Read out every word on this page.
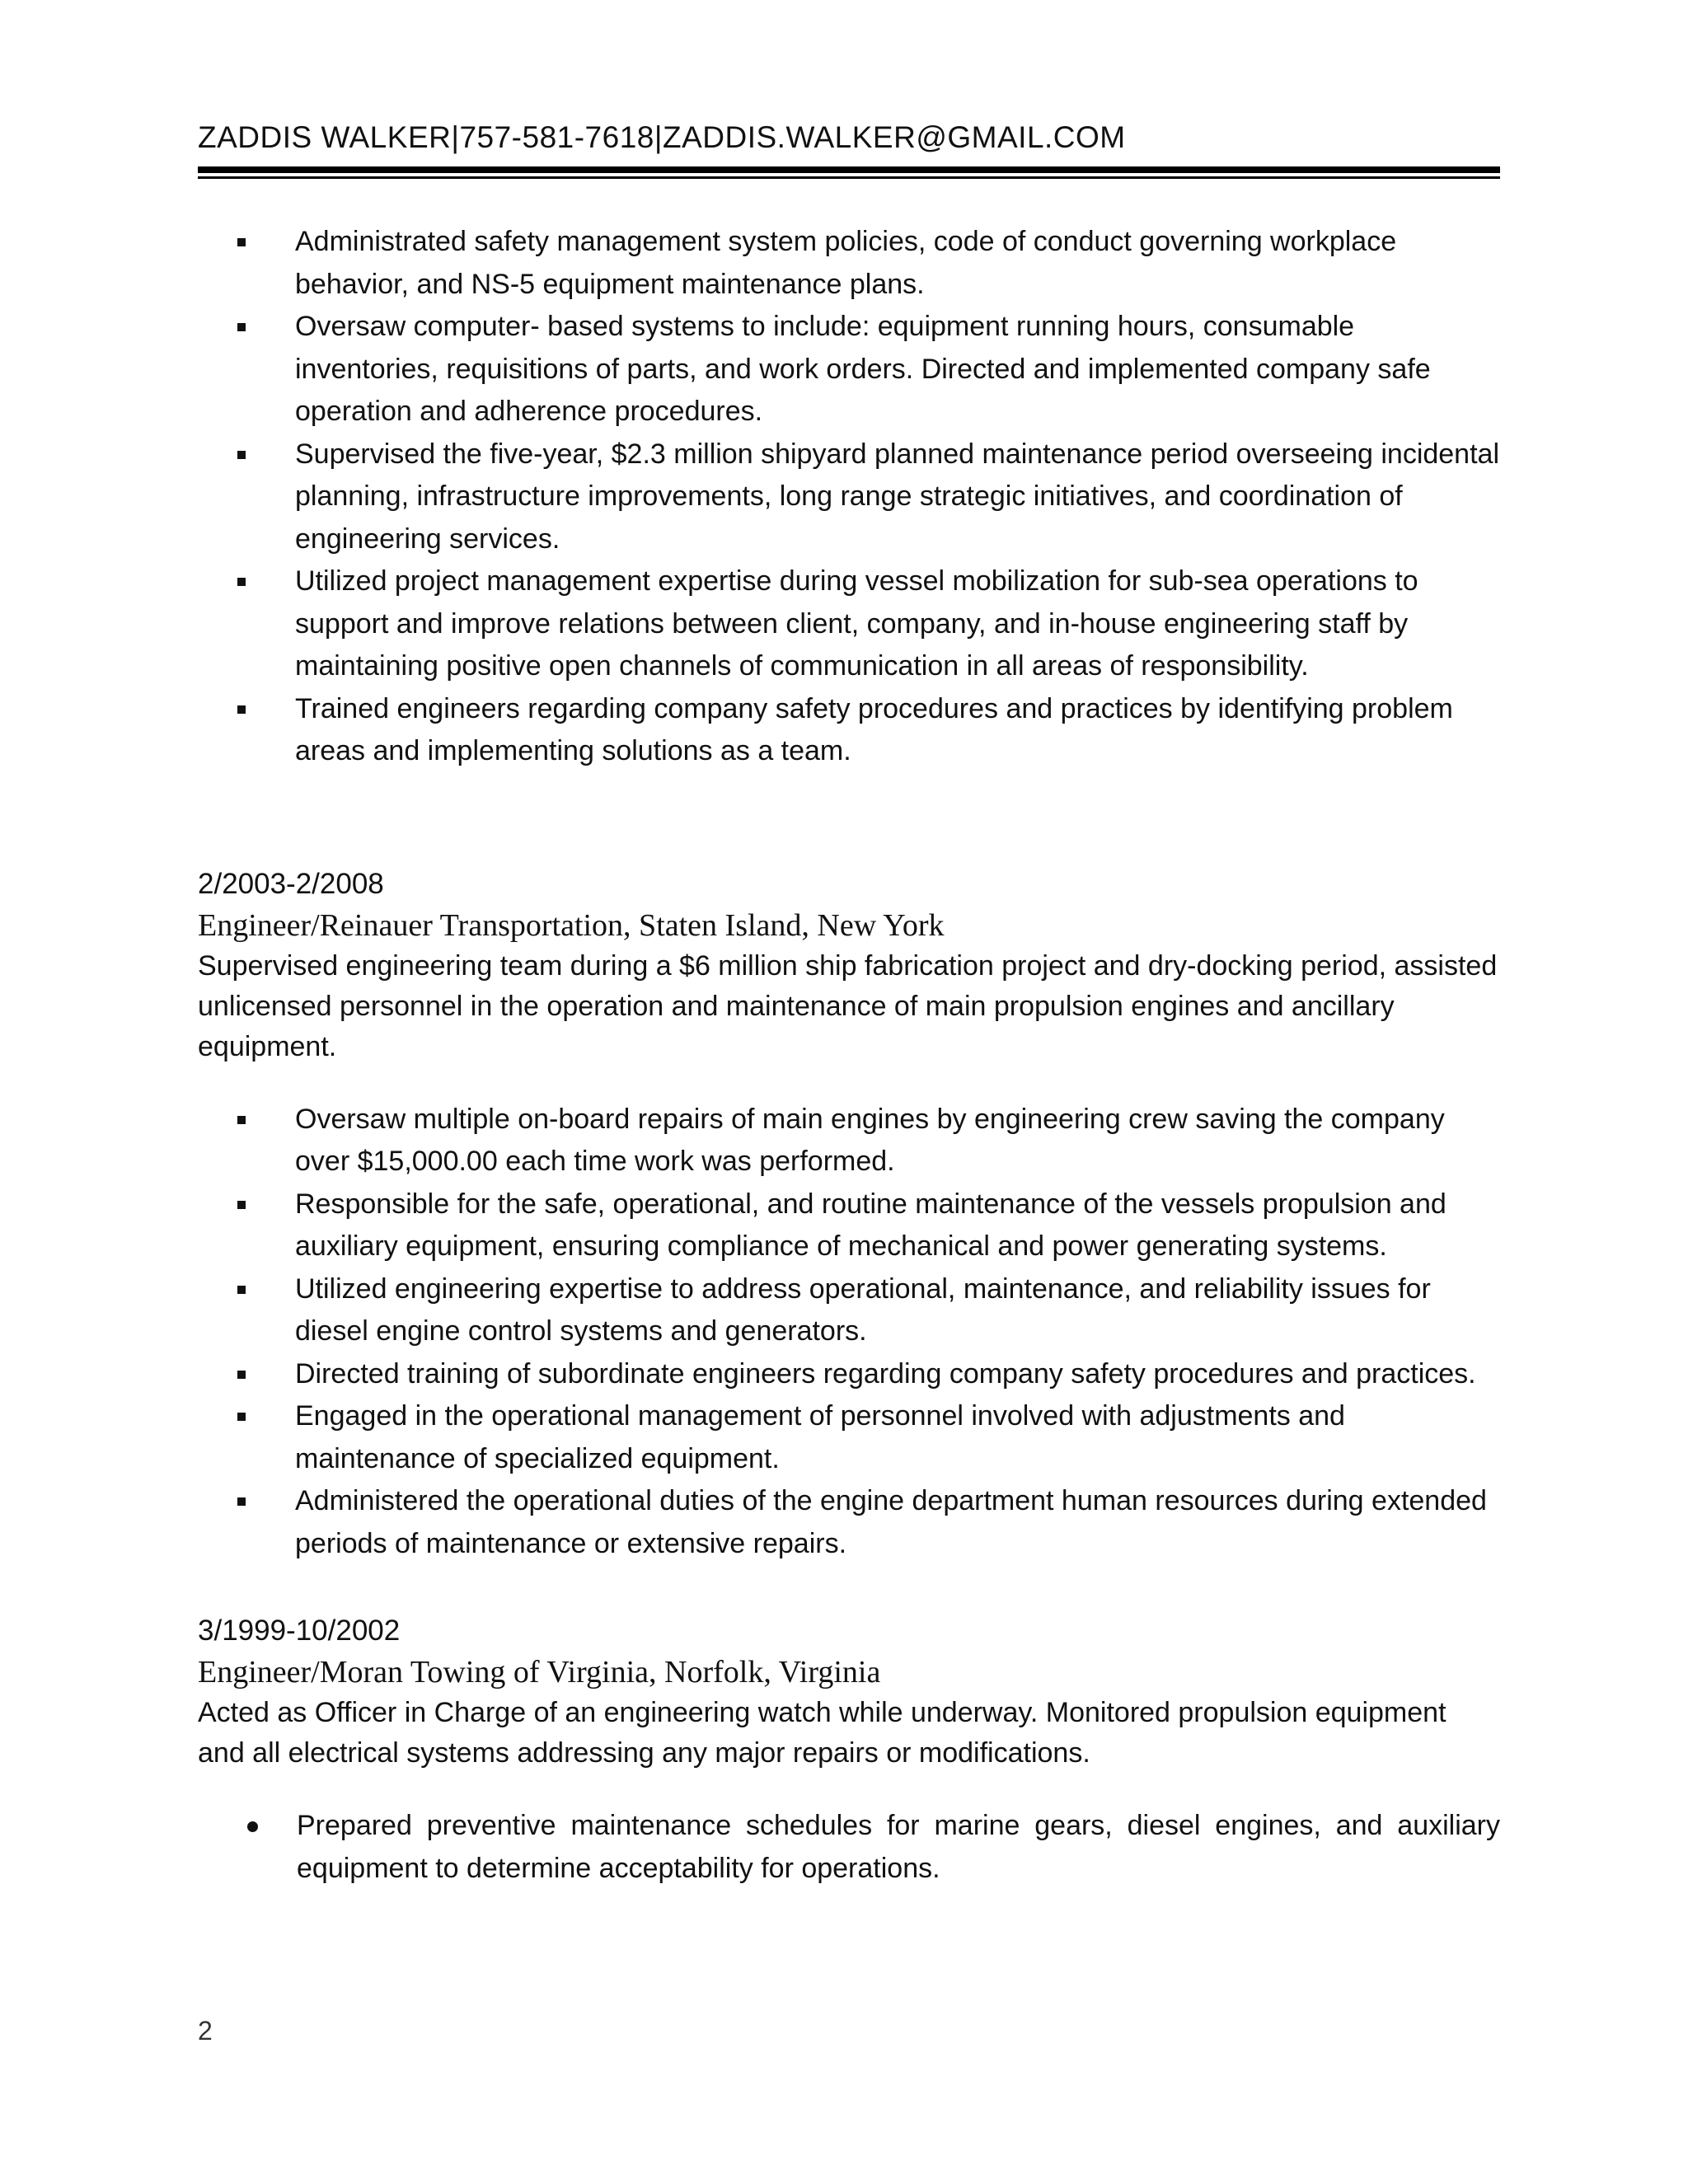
ZADDIS WALKER|757-581-7618|ZADDIS.WALKER@GMAIL.COM
Administrated safety management system policies, code of conduct governing workplace behavior, and NS-5 equipment maintenance plans.
Oversaw computer- based systems to include: equipment running hours, consumable inventories, requisitions of parts, and work orders. Directed and implemented company safe operation and adherence procedures.
Supervised the five-year, $2.3 million shipyard planned maintenance period overseeing incidental planning, infrastructure improvements, long range strategic initiatives, and coordination of engineering services.
Utilized project management expertise during vessel mobilization for sub-sea operations to support and improve relations between client, company, and in-house engineering staff by maintaining positive open channels of communication in all areas of responsibility.
Trained engineers regarding company safety procedures and practices by identifying problem areas and implementing solutions as a team.

2/2003-2/2008

Engineer/Reinauer Transportation, Staten Island, New York

Supervised engineering team during a $6 million ship fabrication project and dry-docking period, assisted unlicensed personnel in the operation and maintenance of main propulsion engines and ancillary equipment.

Oversaw multiple on-board repairs of main engines by engineering crew saving the company over $15,000.00 each time work was performed.
Responsible for the safe, operational, and routine maintenance of the vessels propulsion and auxiliary equipment, ensuring compliance of mechanical and power generating systems.
Utilized engineering expertise to address operational, maintenance, and reliability issues for diesel engine control systems and generators.
Directed training of subordinate engineers regarding company safety procedures and practices.
Engaged in the operational management of personnel involved with adjustments and maintenance of specialized equipment.
Administered the operational duties of the engine department human resources during extended periods of maintenance or extensive repairs.

3/1999-10/2002

Engineer/Moran Towing of Virginia, Norfolk, Virginia

Acted as Officer in Charge of an engineering watch while underway. Monitored propulsion equipment and all electrical systems addressing any major repairs or modifications.

Prepared preventive maintenance schedules for marine gears, diesel engines, and auxiliary equipment to determine acceptability for operations.
2
